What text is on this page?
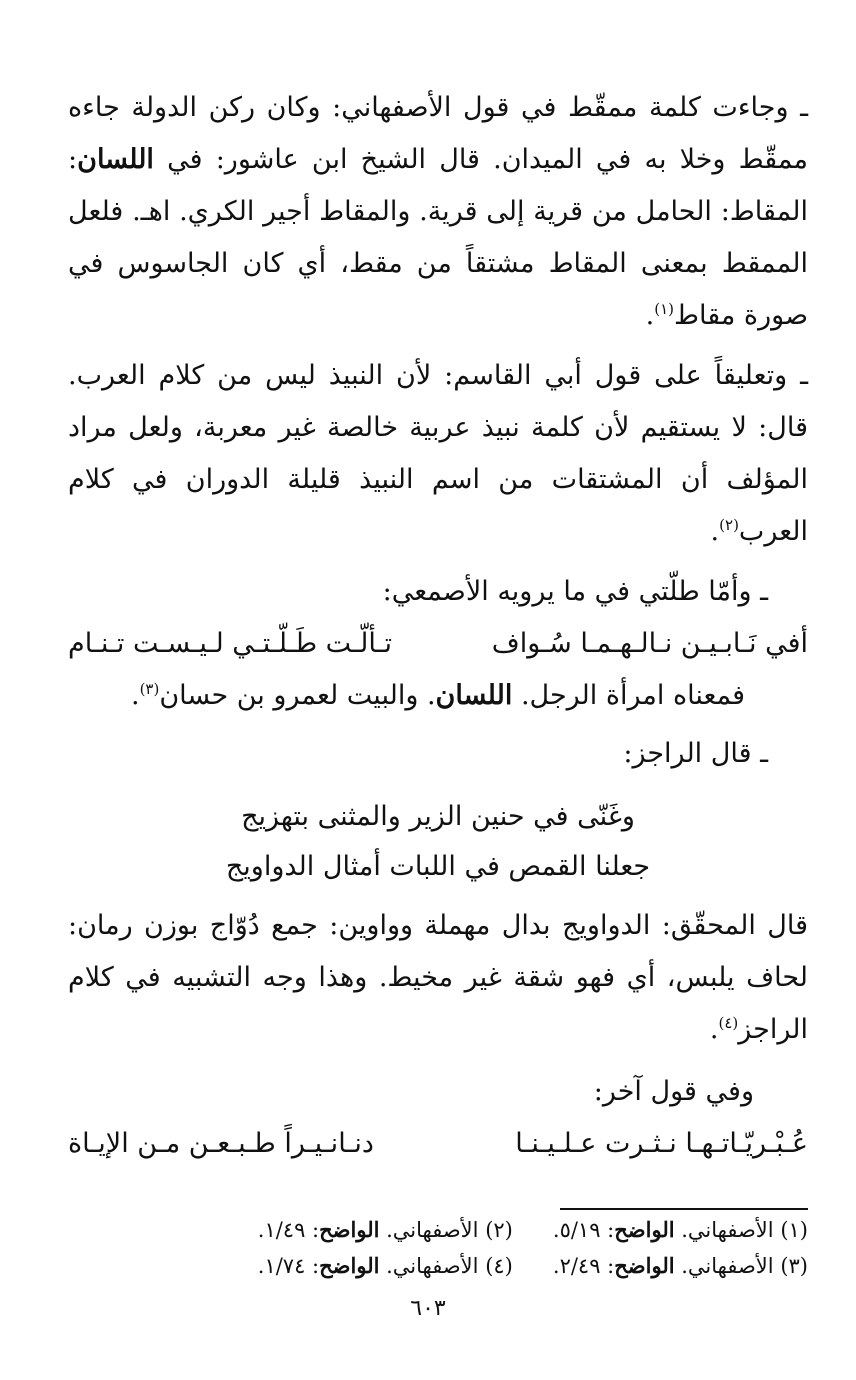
ـ وجاءت كلمة ممقّط في قول الأصفهاني: وكان ركن الدولة جاءه ممقّط وخلا به في الميدان. قال الشيخ ابن عاشور: في اللسان: المقاط: الحامل من قرية إلى قرية. والمقاط أجير الكري. اهـ. فلعل الممقط بمعنى المقاط مشتقاً من مقط، أي كان الجاسوس في صورة مقاط$^{(١)}$.

ـ وتعليقاً على قول أبي القاسم: لأن النبيذ ليس من كلام العرب. قال: لا يستقيم لأن كلمة نبيذ عربية خالصة غير معربة، ولعل مراد المؤلف أن المشتقات من اسم النبيذ قليلة الدوران في كلام العرب$^{(٢)}$.

ـ وأمّا طلّتي في ما يرويه الأصمعي:

أفي نَـابـيـن نـالـهـمـا سُـواف
تـألّـت طَـلّـتـي لـيـسـت تـنـام

فمعناه امرأة الرجل. اللسان. والبيت لعمرو بن حسان$^{(٣)}$.

ـ قال الراجز:

وغَنّى في حنين الزير والمثنى بتهزيج
جعلنا القمص في اللبات أمثال الدواويج

قال المحقّق: الدواويج بدال مهملة وواوين: جمع دُوّاج بوزن رمان: لحاف يلبس، أي فهو شقة غير مخيط. وهذا وجه التشبيه في كلام الراجز$^{(٤)}$.

وفي قول آخر:

عُـبْـريّـاتـهـا نـثـرت عـلـيـنـا
دنـانـيـراً طـبـعـن مـن الإيـاة
(١) الأصفهاني. الواضح: ٥/١٩.
(٢) الأصفهاني. الواضح: ١/٤٩.
(٣) الأصفهاني. الواضح: ٢/٤٩.
(٤) الأصفهاني. الواضح: ١/٧٤.
٦٠٣
